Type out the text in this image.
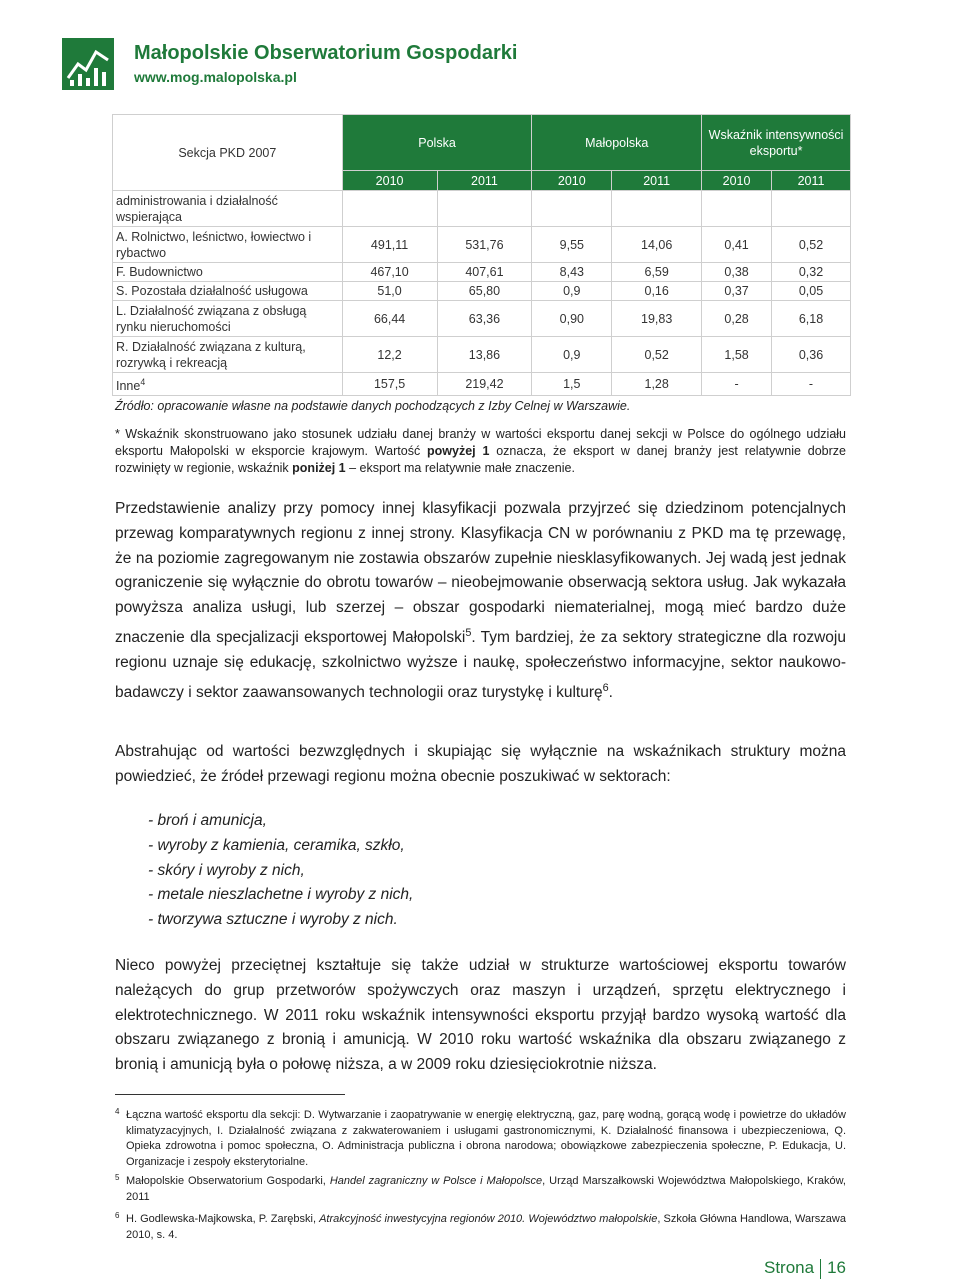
Małopolskie Obserwatorium Gospodarki
www.mog.malopolska.pl
Sekcja PKD 2007	Polska		Małopolska		Wskaźnik intensywności eksportu*	
	2010	2011	2010	2011	2010	2011
administrowania i działalność wspierająca						
A. Rolnictwo, leśnictwo, łowiectwo i rybactwo	491,11	531,76	9,55	14,06	0,41	0,52
F. Budownictwo	467,10	407,61	8,43	6,59	0,38	0,32
S. Pozostała działalność usługowa	51,0	65,80	0,9	0,16	0,37	0,05
L. Działalność związana z obsługą rynku nieruchomości	66,44	63,36	0,90	19,83	0,28	6,18
R. Działalność związana z kulturą, rozrywką i rekreacją	12,2	13,86	0,9	0,52	1,58	0,36
Inne$^4$	157,5	219,42	1,5	1,28	-	-
Źródło: opracowanie własne na podstawie danych pochodzących z Izby Celnej w Warszawie.
* Wskaźnik skonstruowano jako stosunek udziału danej branży w wartości eksportu danej sekcji w Polsce do ogólnego udziału eksportu Małopolski w eksporcie krajowym. Wartość powyżej 1 oznacza, że eksport w danej branży jest relatywnie dobrze rozwinięty w regionie, wskaźnik poniżej 1 – eksport ma relatywnie małe znaczenie.

Przedstawienie analizy przy pomocy innej klasyfikacji pozwala przyjrzeć się dziedzinom potencjalnych przewag komparatywnych regionu z innej strony. Klasyfikacja CN w porównaniu z PKD ma tę przewagę, że na poziomie zagregowanym nie zostawia obszarów zupełnie niesklasyfikowanych. Jej wadą jest jednak ograniczenie się wyłącznie do obrotu towarów – nieobejmowanie obserwacją sektora usług. Jak wykazała powyższa analiza usługi, lub szerzej – obszar gospodarki niematerialnej, mogą mieć bardzo duże znaczenie dla specjalizacji eksportowej Małopolski$^5$. Tym bardziej, że za sektory strategiczne dla rozwoju regionu uznaje się edukację, szkolnictwo wyższe i naukę, społeczeństwo informacyjne, sektor naukowo-badawczy i sektor zaawansowanych technologii oraz turystykę i kulturę$^6$.

Abstrahując od wartości bezwzględnych i skupiając się wyłącznie na wskaźnikach struktury można powiedzieć, że źródeł przewagi regionu można obecnie poszukiwać w sektorach:

- broń i amunicja,
- wyroby z kamienia, ceramika, szkło,
- skóry i wyroby z nich,
- metale nieszlachetne i wyroby z nich,
- tworzywa sztuczne i wyroby z nich.

Nieco powyżej przeciętnej kształtuje się także udział w strukturze wartościowej eksportu towarów należących do grup przetworów spożywczych oraz maszyn i urządzeń, sprzętu elektrycznego i elektrotechnicznego. W 2011 roku wskaźnik intensywności eksportu przyjął bardzo wysoką wartość dla obszaru związanego z bronią i amunicją. W 2010 roku wartość wskaźnika dla obszaru związanego z bronią i amunicją była o połowę niższa, a w 2009 roku dziesięciokrotnie niższa.

4 Łączna wartość eksportu dla sekcji: D. Wytwarzanie i zaopatrywanie w energię elektryczną, gaz, parę wodną, gorącą wodę i powietrze do układów klimatyzacyjnych, I. Działalność związana z zakwaterowaniem i usługami gastronomicznymi, K. Działalność finansowa i ubezpieczeniowa, Q. Opieka zdrowotna i pomoc społeczna, O. Administracja publiczna i obrona narodowa; obowiązkowe zabezpieczenia społeczne, P. Edukacja, U. Organizacje i zespoły eksterytorialne.
5 Małopolskie Obserwatorium Gospodarki, Handel zagraniczny w Polsce i Małopolsce, Urząd Marszałkowski Województwa Małopolskiego, Kraków, 2011
6 H. Godlewska-Majkowska, P. Zarębski, Atrakcyjność inwestycyjna regionów 2010. Województwo małopolskie, Szkoła Główna Handlowa, Warszawa 2010, s. 4.
Strona 16
